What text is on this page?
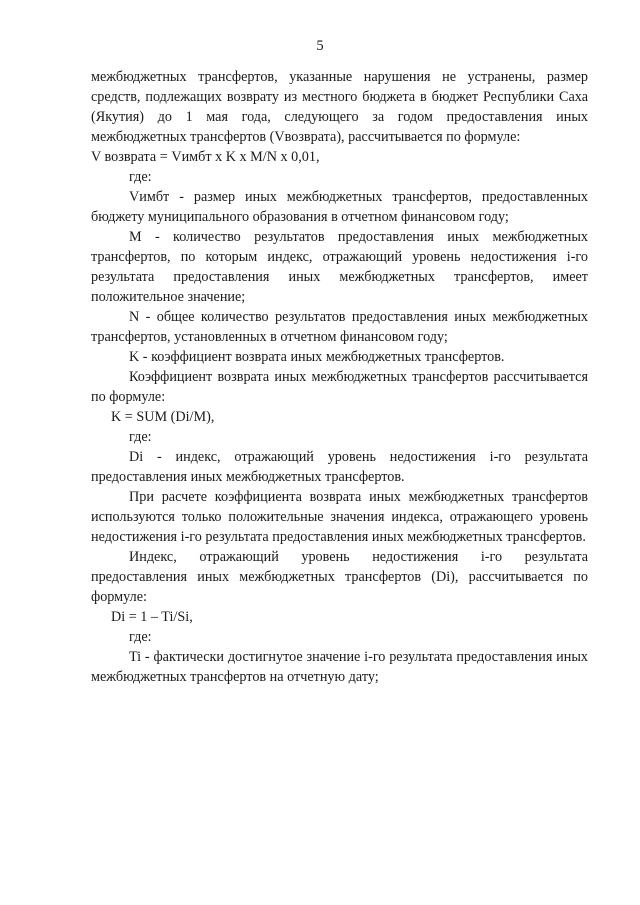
5

межбюджетных трансфертов, указанные нарушения не устранены, размер средств, подлежащих возврату из местного бюджета в бюджет Республики Саха (Якутия) до 1 мая года, следующего за годом предоставления иных межбюджетных трансфертов (Vвозврата), рассчитывается по формуле:

V возврата = Vимбт x K x M/N x 0,01,

где:

Vимбт - размер иных межбюджетных трансфертов, предоставленных бюджету муниципального образования в отчетном финансовом году;

M - количество результатов предоставления иных межбюджетных трансфертов, по которым индекс, отражающий уровень недостижения i-го результата предоставления иных межбюджетных трансфертов, имеет положительное значение;

N - общее количество результатов предоставления иных межбюджетных трансфертов, установленных в отчетном финансовом году;

K - коэффициент возврата иных межбюджетных трансфертов.

Коэффициент возврата иных межбюджетных трансфертов рассчитывается по формуле:

K = SUM (Di/M),

где:

Di - индекс, отражающий уровень недостижения i-го результата предоставления иных межбюджетных трансфертов.

При расчете коэффициента возврата иных межбюджетных трансфертов используются только положительные значения индекса, отражающего уровень недостижения i-го результата предоставления иных межбюджетных трансфертов.

Индекс, отражающий уровень недостижения i-го результата предоставления иных межбюджетных трансфертов (Di), рассчитывается по формуле:

Di = 1 – Ti/Si,

где:

Ti - фактически достигнутое значение i-го результата предоставления иных межбюджетных трансфертов на отчетную дату;
